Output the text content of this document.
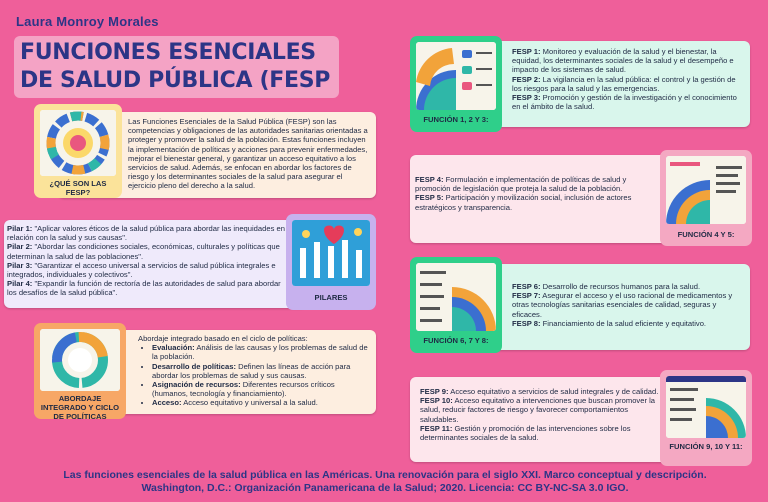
Laura Monroy Morales
FUNCIONES ESENCIALES
DE SALUD PÚBLICA (FESP
Las Funciones Esenciales de la Salud Pública (FESP) son las competencias y obligaciones de las autoridades sanitarias orientadas a proteger y promover la salud de la población. Estas funciones incluyen la implementación de políticas y acciones para prevenir enfermedades, mejorar el bienestar general, y garantizar un acceso equitativo a los servicios de salud. Además, se enfocan en abordar los factores de riesgo y los determinantes sociales de la salud para asegurar el ejercicio pleno del derecho a la salud.
¿QUÉ SON LAS FESP?

Pilar 1: "Aplicar valores éticos de la salud pública para abordar las inequidades en relación con la salud y sus causas".

Pilar 2: "Abordar las condiciones sociales, económicas, culturales y políticas que determinan la salud de las poblaciones".

Pilar 3: "Garantizar el acceso universal a servicios de salud pública integrales e integrados, individuales y colectivos".

Pilar 4: "Expandir la función de rectoría de las autoridades de salud para abordar los desafíos de la salud pública".

PILARES

Abordaje integrado basado en el ciclo de políticas:

• Evaluación: Análisis de las causas y los problemas de salud de la población.
• Desarrollo de políticas: Definen las líneas de acción para abordar los problemas de salud y sus causas.
• Asignación de recursos: Diferentes recursos críticos (humanos, tecnología y financiamiento).
• Acceso: Acceso equitativo y universal a la salud.
ABORDAJE INTEGRADO Y CICLO DE POLÍTICAS

FESP 1: Monitoreo y evaluación de la salud y el bienestar, la equidad, los determinantes sociales de la salud y el desempeño e impacto de los sistemas de salud.

FESP 2: La vigilancia en la salud pública: el control y la gestión de los riesgos para la salud y las emergencias.

FESP 3: Promoción y gestión de la investigación y el conocimiento en el ámbito de la salud.

FUNCIÓN 1, 2 Y 3:

FESP 4: Formulación e implementación de políticas de salud y promoción de legislación que proteja la salud de la población.

FESP 5: Participación y movilización social, inclusión de actores estratégicos y transparencia.

FUNCIÓN 4 Y 5:

FESP 6: Desarrollo de recursos humanos para la salud.

FESP 7: Asegurar el acceso y el uso racional de medicamentos y otras tecnologías sanitarias esenciales de calidad, seguras y eficaces.

FESP 8: Financiamiento de la salud eficiente y equitativo.

FUNCIÓN 6, 7 Y 8:

FESP 9: Acceso equitativo a servicios de salud integrales y de calidad.

FESP 10: Acceso equitativo a intervenciones que buscan promover la salud, reducir factores de riesgo y favorecer comportamientos saludables.

FESP 11: Gestión y promoción de las intervenciones sobre los determinantes sociales de la salud.

FUNCIÓN 9, 10 Y 11:
Las funciones esenciales de la salud pública en las Américas. Una renovación para el siglo XXI. Marco conceptual y descripción. Washington, D.C.: Organización Panamericana de la Salud; 2020. Licencia: CC BY-NC-SA 3.0 IGO.
